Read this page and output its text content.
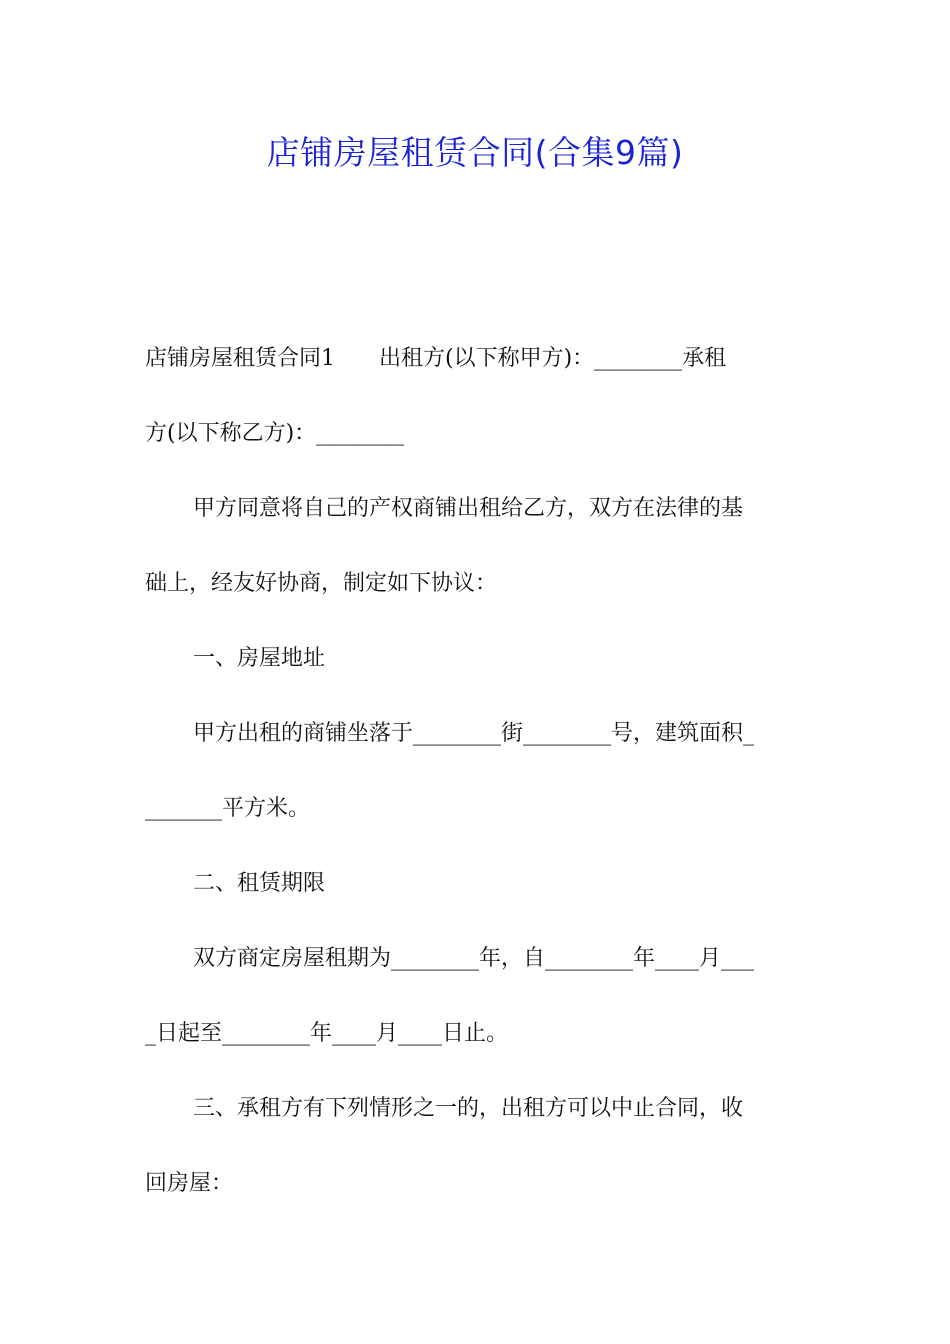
店铺房屋租赁合同(合集9篇)
店铺房屋租赁合同1　　出租方(以下称甲方)：________承租
方(以下称乙方)：________
甲方同意将自己的产权商铺出租给乙方，双方在法律的基
础上，经友好协商，制定如下协议：
一、房屋地址
甲方出租的商铺坐落于________街________号，建筑面积_
_______平方米。
二、租赁期限
双方商定房屋租期为________年，自________年____月___
_日起至________年____月____日止。
三、承租方有下列情形之一的，出租方可以中止合同，收
回房屋：
